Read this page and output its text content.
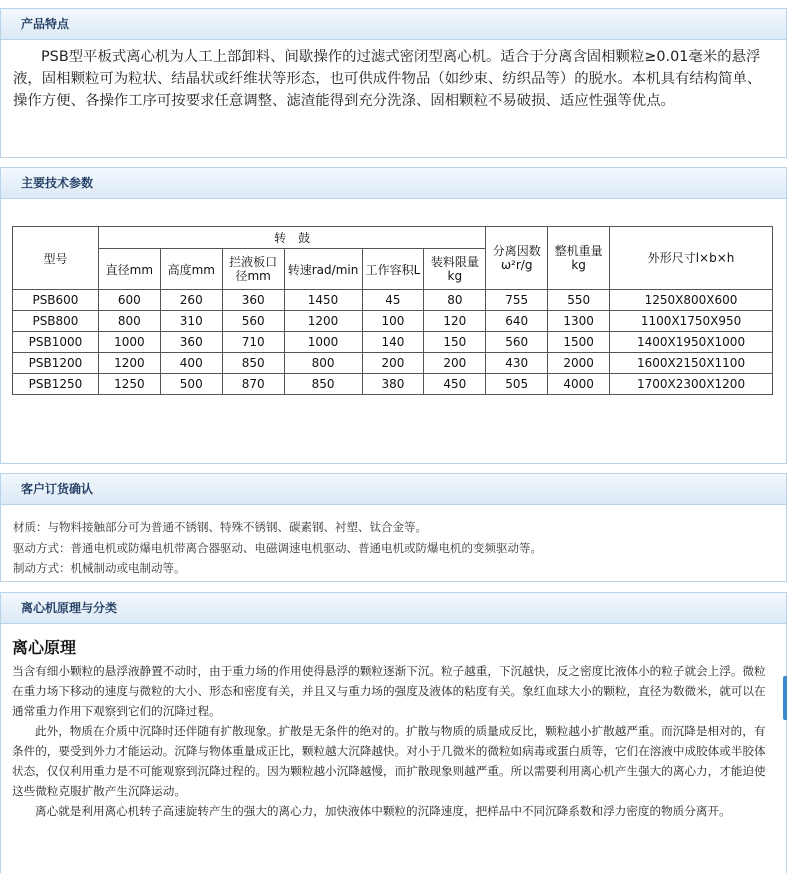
产品特点

PSB型平板式离心机为人工上部卸料、间歇操作的过滤式密闭型离心机。适合于分离含固相颗粒≥0.01毫米的悬浮液，固相颗粒可为粒状、结晶状或纤维状等形态，也可供成件物品（如纱束、纺织品等）的脱水。本机具有结构简单、操作方便、各操作工序可按要求任意调整、滤渣能得到充分洗涤、固相颗粒不易破损、适应性强等优点。

主要技术参数
型号	转　鼓						分离因数ω²r/g	整机重量kg	外形尺寸l×b×h
	直径mm	高度mm	拦液板口径mm	转速rad/min	工作容积L	装料限量kg			
PSB600	600	260	360	1450	45	80	755	550	1250X800X600
PSB800	800	310	560	1200	100	120	640	1300	1100X1750X950
PSB1000	1000	360	710	1000	140	150	560	1500	1400X1950X1000
PSB1200	1200	400	850	800	200	200	430	2000	1600X2150X1100
PSB1250	1250	500	870	850	380	450	505	4000	1700X2300X1200
客户订货确认

材质：与物料接触部分可为普通不锈钢、特殊不锈钢、碳素钢、衬塑、钛合金等。

驱动方式：普通电机或防爆电机带离合器驱动、电磁调速电机驱动、普通电机或防爆电机的变频驱动等。

制动方式：机械制动或电制动等。

离心机原理与分类
离心原理

当含有细小颗粒的悬浮液静置不动时，由于重力场的作用使得悬浮的颗粒逐渐下沉。粒子越重，下沉越快，反之密度比液体小的粒子就会上浮。微粒在重力场下移动的速度与微粒的大小、形态和密度有关，并且又与重力场的强度及液体的粘度有关。象红血球大小的颗粒，直径为数微米，就可以在通常重力作用下观察到它们的沉降过程。

此外，物质在介质中沉降时还伴随有扩散现象。扩散是无条件的绝对的。扩散与物质的质量成反比，颗粒越小扩散越严重。而沉降是相对的，有条件的，要受到外力才能运动。沉降与物体重量成正比，颗粒越大沉降越快。对小于几微米的微粒如病毒或蛋白质等，它们在溶液中成胶体或半胶体状态，仅仅利用重力是不可能观察到沉降过程的。因为颗粒越小沉降越慢，而扩散现象则越严重。所以需要利用离心机产生强大的离心力，才能迫使这些微粒克服扩散产生沉降运动。

离心就是利用离心机转子高速旋转产生的强大的离心力，加快液体中颗粒的沉降速度，把样品中不同沉降系数和浮力密度的物质分离开。
